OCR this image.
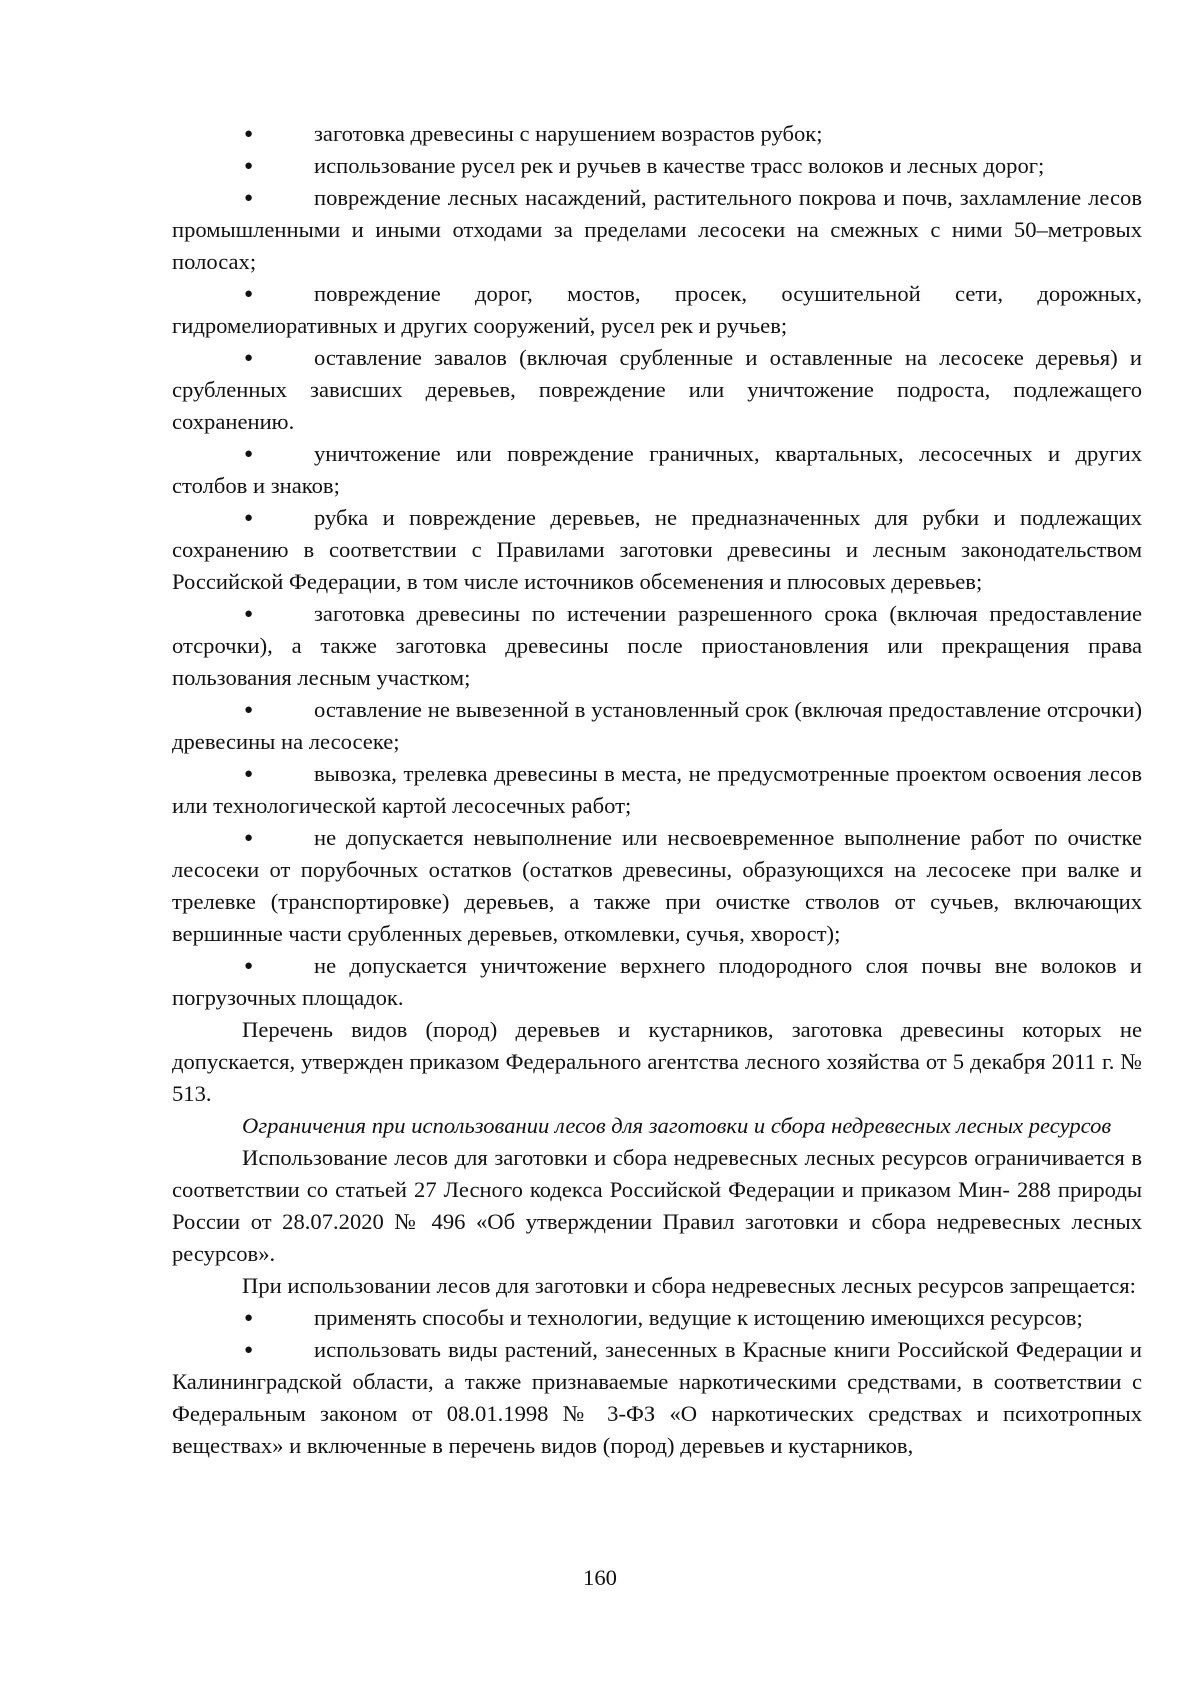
●	заготовка древесины с нарушением возрастов рубок;

●	использование русел рек и ручьев в качестве трасс волоков и лесных дорог;

●	повреждение лесных насаждений, растительного покрова и почв, захламление лесов промышленными и иными отходами за пределами лесосеки на смежных с ними 50–метровых полосах;

●	повреждение дорог, мостов, просек, осушительной сети, дорожных, гидромелиоративных и других сооружений, русел рек и ручьев;

●	оставление завалов (включая срубленные и оставленные на лесосеке деревья) и срубленных зависших деревьев, повреждение или уничтожение подроста, подлежащего сохранению.

●	уничтожение или повреждение граничных, квартальных, лесосечных и других столбов и знаков;

●	рубка и повреждение деревьев, не предназначенных для рубки и подлежащих сохранению в соответствии с Правилами заготовки древесины и лесным законодательством Российской Федерации, в том числе источников обсеменения и плюсовых деревьев;

●	заготовка древесины по истечении разрешенного срока (включая предоставление отсрочки), а также заготовка древесины после приостановления или прекращения права пользования лесным участком;

●	оставление не вывезенной в установленный срок (включая предоставление отсрочки) древесины на лесосеке;

●	вывозка, трелевка древесины в места, не предусмотренные проектом освоения лесов или технологической картой лесосечных работ;

●	не допускается невыполнение или несвоевременное выполнение работ по очистке лесосеки от порубочных остатков (остатков древесины, образующихся на лесосеке при валке и трелевке (транспортировке) деревьев, а также при очистке стволов от сучьев, включающих вершинные части срубленных деревьев, откомлевки, сучья, хворост);

●	не допускается уничтожение верхнего плодородного слоя почвы вне волоков и погрузочных площадок.

Перечень видов (пород) деревьев и кустарников, заготовка древесины которых не допускается, утвержден приказом Федерального агентства лесного хозяйства от 5 декабря 2011 г. № 513.

Ограничения при использовании лесов для заготовки и сбора недревесных лесных ресурсов

Использование лесов для заготовки и сбора недревесных лесных ресурсов ограничивается в соответствии со статьей 27 Лесного кодекса Российской Федерации и приказом Мин- 288 природы России от 28.07.2020 № 496 «Об утверждении Правил заготовки и сбора недревесных лесных ресурсов».

При использовании лесов для заготовки и сбора недревесных лесных ресурсов запрещается:

●	применять способы и технологии, ведущие к истощению имеющихся ресурсов;

●	использовать виды растений, занесенных в Красные книги Российской Федерации и Калининградской области, а также признаваемые наркотическими средствами, в соответствии с Федеральным законом от 08.01.1998 № 3-ФЗ «О наркотических средствах и психотропных веществах» и включенные в перечень видов (пород) деревьев и кустарников,

160
